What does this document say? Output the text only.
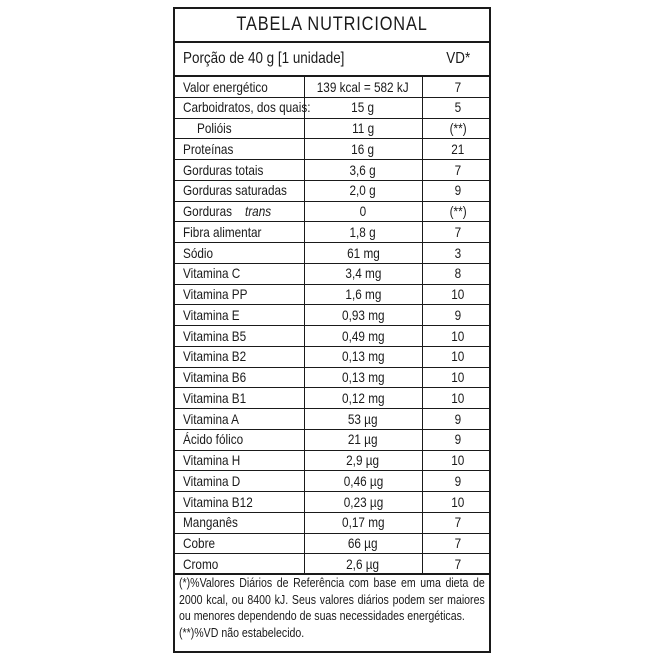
TABELA NUTRICIONAL
Porção de 40 g [1 unidade]	VD*
Valor energético	139 kcal = 582 kJ	7
Carboidratos, dos quais:	15 g	5
Polióis	11 g	(**)
Proteínas	16 g	21
Gorduras totais	3,6 g	7
Gorduras saturadas	2,0 g	9
Gorduras trans	0	(**)
Fibra alimentar	1,8 g	7
Sódio	61 mg	3
Vitamina C	3,4 mg	8
Vitamina PP	1,6 mg	10
Vitamina E	0,93 mg	9
Vitamina B5	0,49 mg	10
Vitamina B2	0,13 mg	10
Vitamina B6	0,13 mg	10
Vitamina B1	0,12 mg	10
Vitamina A	53 µg	9
Ácido fólico	21 µg	9
Vitamina H	2,9 µg	10
Vitamina D	0,46 µg	9
Vitamina B12	0,23 µg	10
Manganês	0,17 mg	7
Cobre	66 µg	7
Cromo	2,6 µg	7

(*)%Valores Diários de Referência com base em uma dieta de 2000 kcal, ou 8400 kJ. Seus valores diários podem ser maiores ou menores dependendo de suas necessidades energéticas.

(**)%VD não estabelecido.
